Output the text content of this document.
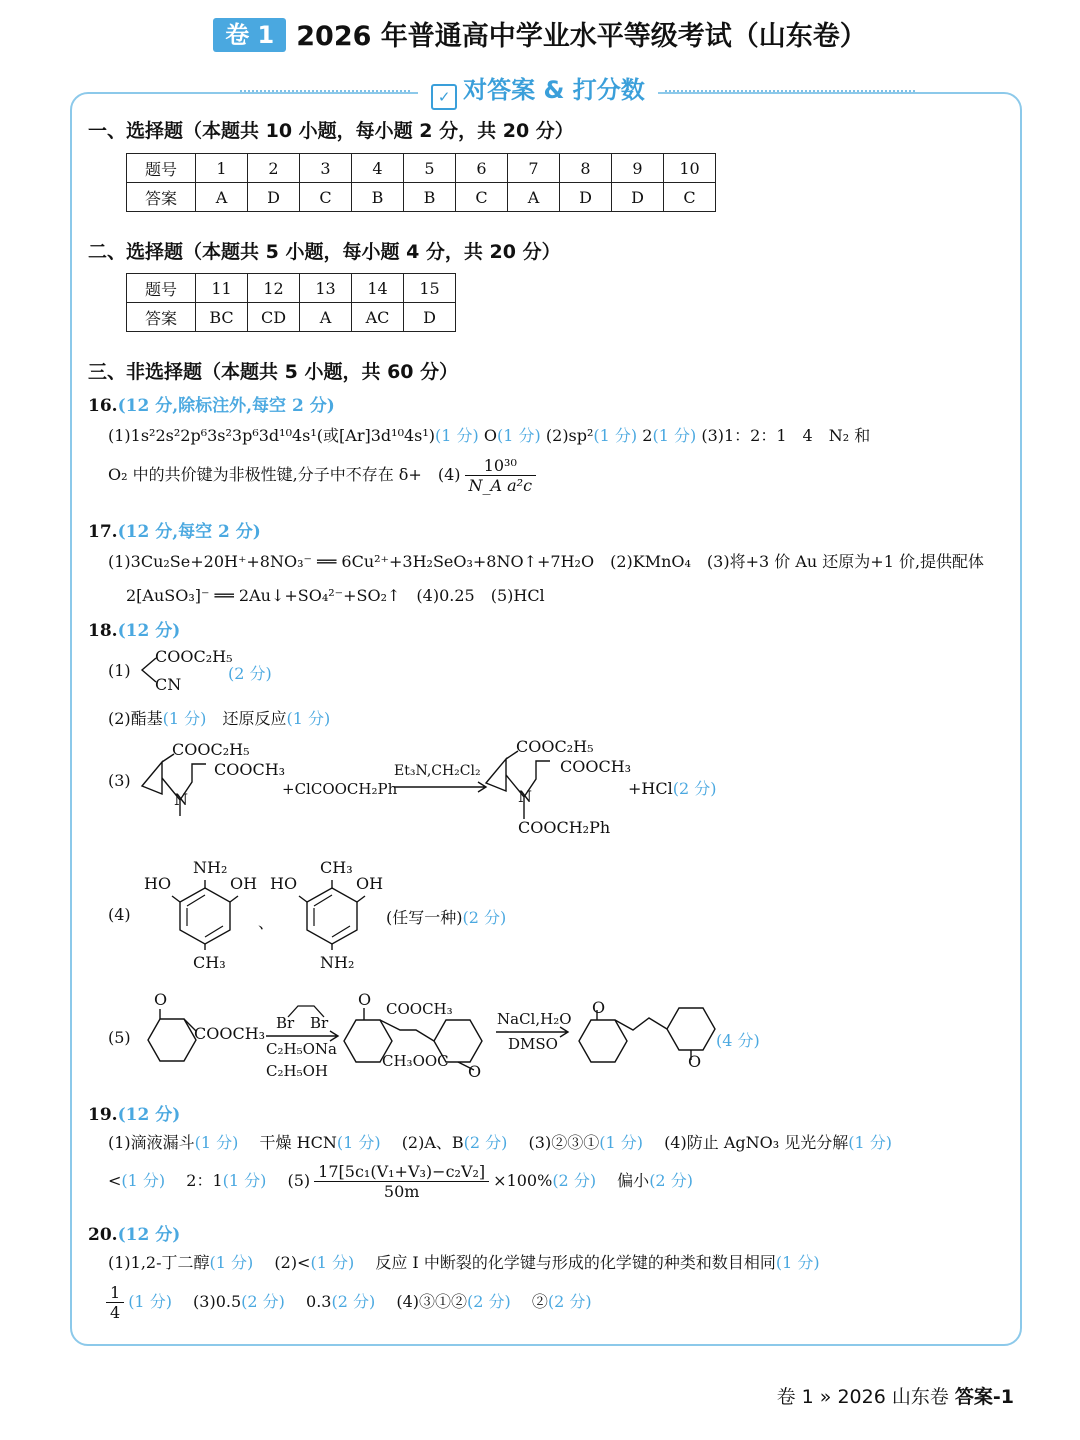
卷 1 2026 年普通高中学业水平等级考试（山东卷）
✓ 对答案 & 打分数
一、选择题（本题共 10 小题，每小题 2 分，共 20 分）
题号	1	2	3	4	5	6	7	8	9	10
答案	A	D	C	B	B	C	A	D	D	C
二、选择题（本题共 5 小题，每小题 4 分，共 20 分）
题号	11	12	13	14	15
答案	BC	CD	A	AC	D
三、非选择题（本题共 5 小题，共 60 分）
16.(12 分,除标注外,每空 2 分)
(1)1s²2s²2p⁶3s²3p⁶3d¹⁰4s¹(或[Ar]3d¹⁰4s¹)(1 分) O(1 分) (2)sp²(1 分) 2(1 分) (3)1：2：1　4　N₂ 和
O₂ 中的共价键为非极性键,分子中不存在 δ+　$(4) \frac{\text{10³⁰}}{\text{N\_A a²c}}$
17.(12 分,每空 2 分)
(1)3Cu₂Se+20H⁺+8NO₃⁻ ══ 6Cu²⁺+3H₂SeO₃+8NO↑+7H₂O　(2)KMnO₄　(3)将+3 价 Au 还原为+1 价,提供配体
2[AuSO₃]⁻ ══ 2Au↓+SO₄²⁻+SO₂↑　(4)0.25　(5)HCl
18.(12 分)
(1)
COOC₂H₅
CN
(2 分)
(2)酯基(1 分)　 还原反应(1 分)
(3)
COOC₂H₅
COOCH₃
N
+ClCOOCH₂Ph
Et₃N,CH₂Cl₂
COOC₂H₅
COOCH₃
N
COOCH₂Ph
+HCl(2 分)
(4)
HO
NH₂
OH
CH₃
、
HO
CH₃
OH
NH₂
(任写一种)(2 分)
(5)
O
COOCH₃
Br Br
C₂H₅ONa
C₂H₅OH
O COOCH₃
CH₃OOC
O
NaCl,H₂O
DMSO
O
O
(4 分)
19.(12 分)
(1)滴液漏斗(1 分)　 干燥 HCN(1 分)　 (2)A、B(2 分)　 (3)②③①(1 分)　 (4)防止 AgNO₃ 见光分解(1 分)
<(1 分)　 2：1(1 分)　 $(5) \frac{\text{17[5c₁(V₁+V₃)−c₂V₂]}}{50m} \times 100\%(2$ 分)　 偏小(2 分)
20.(12 分)
(1)1,2-丁二醇(1 分)　 (2)<(1 分)　 反应 Ⅰ 中断裂的化学键与形成的化学键的种类和数目相同(1 分)
$\frac{1}{4} (1$ 分)　 (3)0.5(2 分)　 0.3(2 分)　 (4)③①②(2 分)　 ②(2 分)
卷 1 » 2026 山东卷 答案-1
